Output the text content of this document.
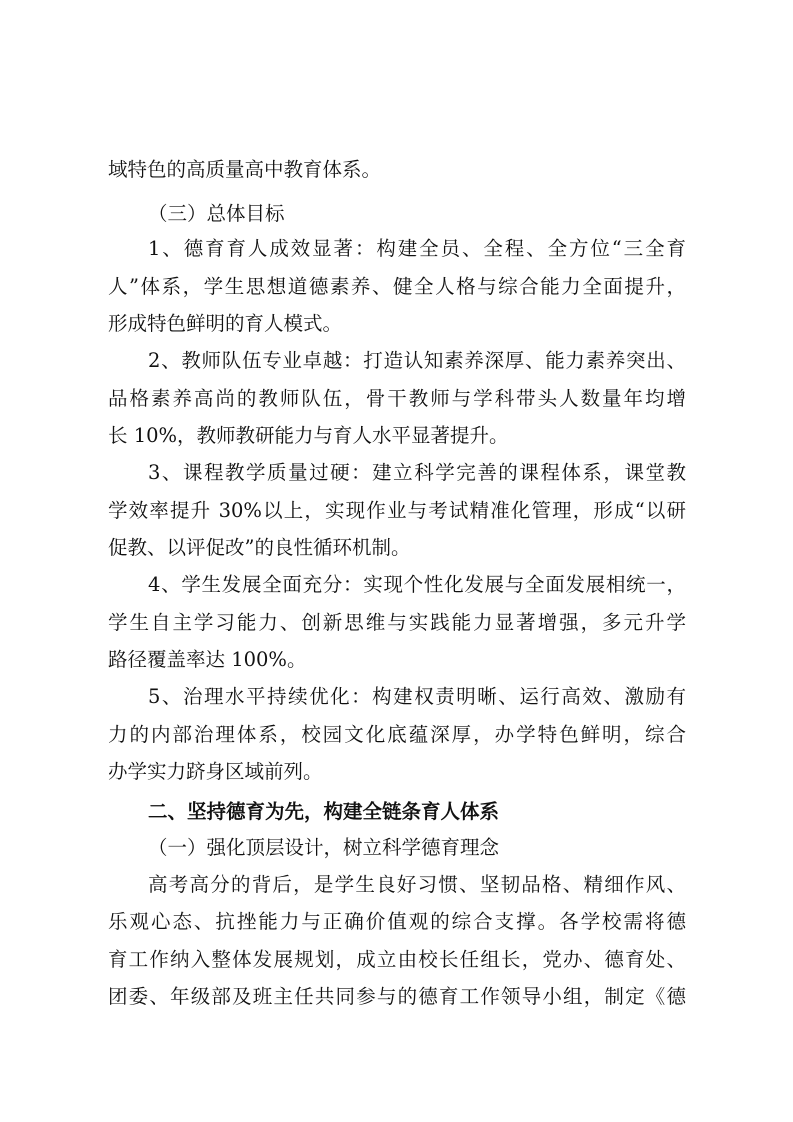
域特色的高质量高中教育体系。
（三）总体目标
1、德育育人成效显著：构建全员、全程、全方位“三全育
人”体系，学生思想道德素养、健全人格与综合能力全面提升，
形成特色鲜明的育人模式。
2、教师队伍专业卓越：打造认知素养深厚、能力素养突出、
品格素养高尚的教师队伍，骨干教师与学科带头人数量年均增
长 10%，教师教研能力与育人水平显著提升。
3、课程教学质量过硬：建立科学完善的课程体系，课堂教
学效率提升 30%以上，实现作业与考试精准化管理，形成“以研
促教、以评促改”的良性循环机制。
4、学生发展全面充分：实现个性化发展与全面发展相统一，
学生自主学习能力、创新思维与实践能力显著增强，多元升学
路径覆盖率达 100%。
5、治理水平持续优化：构建权责明晰、运行高效、激励有
力的内部治理体系，校园文化底蕴深厚，办学特色鲜明，综合
办学实力跻身区域前列。
二、坚持德育为先，构建全链条育人体系
（一）强化顶层设计，树立科学德育理念
高考高分的背后，是学生良好习惯、坚韧品格、精细作风、
乐观心态、抗挫能力与正确价值观的综合支撑。各学校需将德
育工作纳入整体发展规划，成立由校长任组长，党办、德育处、
团委、年级部及班主任共同参与的德育工作领导小组，制定《德
